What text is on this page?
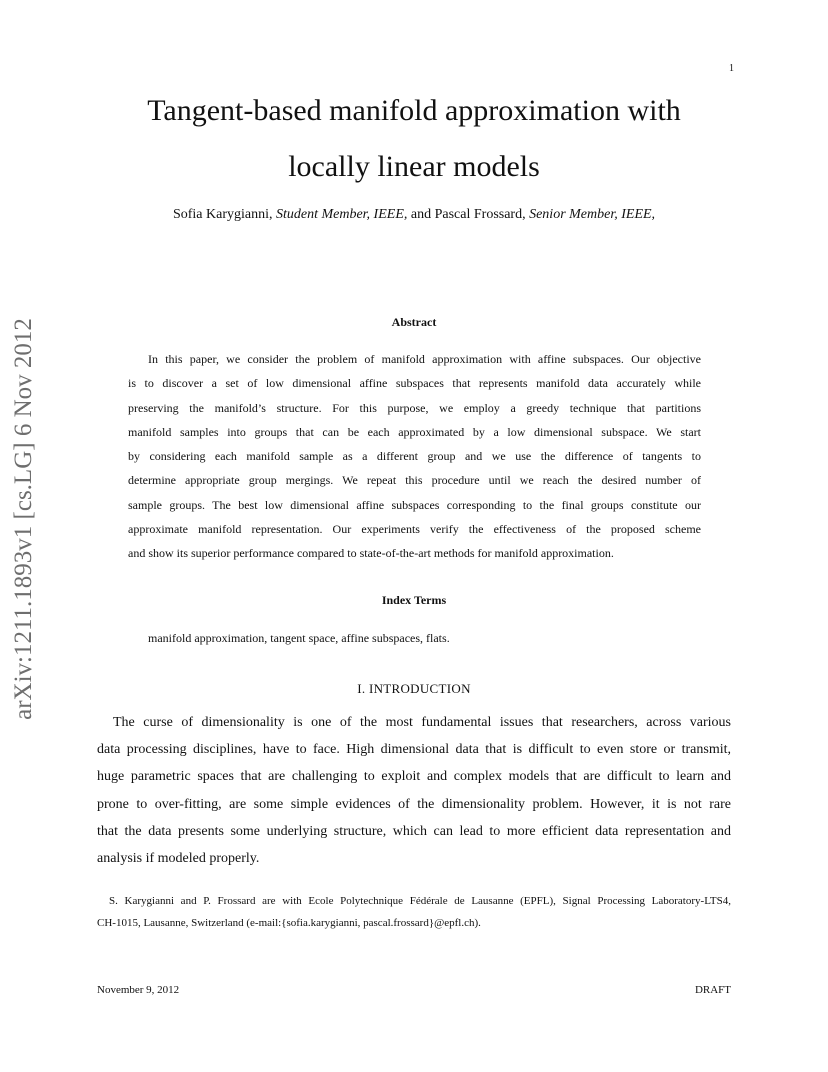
1
Tangent-based manifold approximation with
locally linear models
Sofia Karygianni, Student Member, IEEE, and Pascal Frossard, Senior Member, IEEE,
arXiv:1211.1893v1 [cs.LG] 6 Nov 2012	Abstract
In this paper, we consider the problem of manifold approximation with affine subspaces. Our objective
is to discover a set of low dimensional affine subspaces that represents manifold data accurately while
preserving the manifold’s structure. For this purpose, we employ a greedy technique that partitions
manifold samples into groups that can be each approximated by a low dimensional subspace. We start
by considering each manifold sample as a different group and we use the difference of tangents to
determine appropriate group mergings. We repeat this procedure until we reach the desired number of
sample groups. The best low dimensional affine subspaces corresponding to the final groups constitute our
approximate manifold representation. Our experiments verify the effectiveness of the proposed scheme
and show its superior performance compared to state-of-the-art methods for manifold approximation.
Index Terms
manifold approximation, tangent space, affine subspaces, flats.
I. INTRODUCTION
The curse of dimensionality is one of the most fundamental issues that researchers, across various
data processing disciplines, have to face. High dimensional data that is difficult to even store or transmit,
huge parametric spaces that are challenging to exploit and complex models that are difficult to learn and
prone to over-fitting, are some simple evidences of the dimensionality problem. However, it is not rare
that the data presents some underlying structure, which can lead to more efficient data representation and
analysis if modeled properly.
S. Karygianni and P. Frossard are with Ecole Polytechnique Fédérale de Lausanne (EPFL), Signal Processing Laboratory-LTS4,
CH-1015, Lausanne, Switzerland (e-mail:{sofia.karygianni, pascal.frossard}@epfl.ch).
November 9, 2012	DRAFT
